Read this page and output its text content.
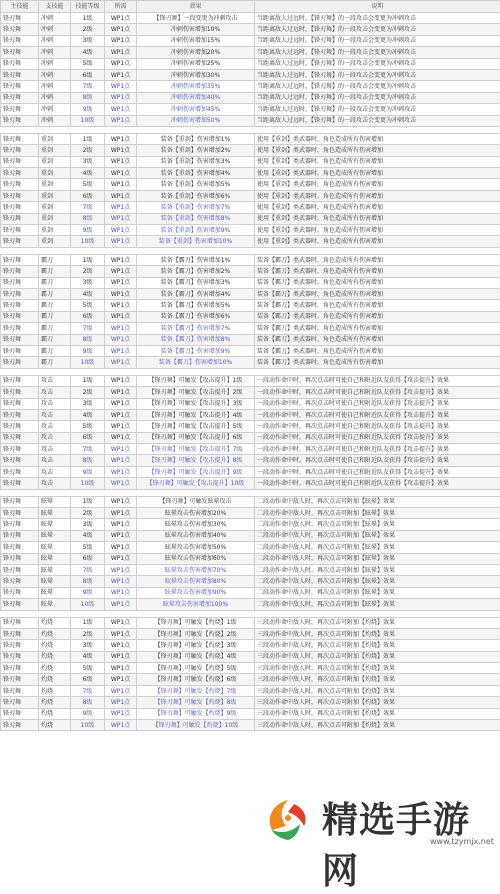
主技能	支技能	技能等级	所需	效果	说明
锋刃舞	冲刺	1级	WP1点	【锋刃舞】一段变更为冲刺攻击	当距离敌人过远时，【锋刃舞】的一段攻击会变更为冲刺攻击
锋刃舞	冲刺	2级	WP1点	冲刺伤害增加10%	当距离敌人过远时，【锋刃舞】的一段攻击会变更为冲刺攻击
锋刃舞	冲刺	3级	WP1点	冲刺伤害增加15%	当距离敌人过远时，【锋刃舞】的一段攻击会变更为冲刺攻击
锋刃舞	冲刺	4级	WP1点	冲刺伤害增加20%	当距离敌人过远时，【锋刃舞】的一段攻击会变更为冲刺攻击
锋刃舞	冲刺	5级	WP1点	冲刺伤害增加25%	当距离敌人过远时，【锋刃舞】的一段攻击会变更为冲刺攻击
锋刃舞	冲刺	6级	WP1点	冲刺伤害增加30%	当距离敌人过远时，【锋刃舞】的一段攻击会变更为冲刺攻击
锋刃舞	冲刺	7级	WP1点	冲刺伤害增加35%	当距离敌人过远时，【锋刃舞】的一段攻击会变更为冲刺攻击
锋刃舞	冲刺	8级	WP1点	冲刺伤害增加40%	当距离敌人过远时，【锋刃舞】的一段攻击会变更为冲刺攻击
锋刃舞	冲刺	9级	WP1点	冲刺伤害增加45%	当距离敌人过远时，【锋刃舞】的一段攻击会变更为冲刺攻击
锋刃舞	冲刺	10级	WP1点	冲刺伤害增加50%	当距离敌人过远时，【锋刃舞】的一段攻击会变更为冲刺攻击

锋刃舞	重剑	1级	WP1点	装备【重剑】伤害增加1%	使用【重剑】类武器时，角色造成所有伤害增加
锋刃舞	重剑	2级	WP1点	装备【重剑】伤害增加2%	使用【重剑】类武器时，角色造成所有伤害增加
锋刃舞	重剑	3级	WP1点	装备【重剑】伤害增加3%	使用【重剑】类武器时，角色造成所有伤害增加
锋刃舞	重剑	4级	WP1点	装备【重剑】伤害增加4%	使用【重剑】类武器时，角色造成所有伤害增加
锋刃舞	重剑	5级	WP1点	装备【重剑】伤害增加5%	使用【重剑】类武器时，角色造成所有伤害增加
锋刃舞	重剑	6级	WP1点	装备【重剑】伤害增加6%	使用【重剑】类武器时，角色造成所有伤害增加
锋刃舞	重剑	7级	WP1点	装备【重剑】伤害增加7%	使用【重剑】类武器时，角色造成所有伤害增加
锋刃舞	重剑	8级	WP1点	装备【重剑】伤害增加8%	使用【重剑】类武器时，角色造成所有伤害增加
锋刃舞	重剑	9级	WP1点	装备【重剑】伤害增加9%	使用【重剑】类武器时，角色造成所有伤害增加
锋刃舞	重剑	10级	WP1点	装备【重剑】伤害增加10%	使用【重剑】类武器时，角色造成所有伤害增加

锋刃舞	霸刀	1级	WP1点	装备【霸刀】伤害增加1%	装备【霸刀】类武器时，角色造成所有伤害增加
锋刃舞	霸刀	2级	WP1点	装备【霸刀】伤害增加2%	装备【霸刀】类武器时，角色造成所有伤害增加
锋刃舞	霸刀	3级	WP1点	装备【霸刀】伤害增加3%	装备【霸刀】类武器时，角色造成所有伤害增加
锋刃舞	霸刀	4级	WP1点	装备【霸刀】伤害增加4%	装备【霸刀】类武器时，角色造成所有伤害增加
锋刃舞	霸刀	5级	WP1点	装备【霸刀】伤害增加5%	装备【霸刀】类武器时，角色造成所有伤害增加
锋刃舞	霸刀	6级	WP1点	装备【霸刀】伤害增加6%	装备【霸刀】类武器时，角色造成所有伤害增加
锋刃舞	霸刀	7级	WP1点	装备【霸刀】伤害增加7%	装备【霸刀】类武器时，角色造成所有伤害增加
锋刃舞	霸刀	8级	WP1点	装备【霸刀】伤害增加8%	装备【霸刀】类武器时，角色造成所有伤害增加
锋刃舞	霸刀	9级	WP1点	装备【霸刀】伤害增加9%	装备【霸刀】类武器时，角色造成所有伤害增加
锋刃舞	霸刀	10级	WP1点	装备【霸刀】伤害增加10%	装备【霸刀】类武器时，角色造成所有伤害增加

锋刃舞	攻击	1级	WP1点	【锋刃舞】可触发【攻击提升】1级	一段动作命中时，再次点击时可使自己和附近队友获得【攻击提升】效果
锋刃舞	攻击	2级	WP1点	【锋刃舞】可触发【攻击提升】2级	一段动作命中时，再次点击时可使自己和附近队友获得【攻击提升】效果
锋刃舞	攻击	3级	WP1点	【锋刃舞】可触发【攻击提升】3级	一段动作命中时，再次点击时可使自己和附近队友获得【攻击提升】效果
锋刃舞	攻击	4级	WP1点	【锋刃舞】可触发【攻击提升】4级	一段动作命中时，再次点击时可使自己和附近队友获得【攻击提升】效果
锋刃舞	攻击	5级	WP1点	【锋刃舞】可触发【攻击提升】5级	一段动作命中时，再次点击时可使自己和附近队友获得【攻击提升】效果
锋刃舞	攻击	6级	WP1点	【锋刃舞】可触发【攻击提升】6级	一段动作命中时，再次点击时可使自己和附近队友获得【攻击提升】效果
锋刃舞	攻击	7级	WP1点	【锋刃舞】可触发【攻击提升】7级	一段动作命中时，再次点击时可使自己和附近队友获得【攻击提升】效果
锋刃舞	攻击	8级	WP1点	【锋刃舞】可触发【攻击提升】8级	一段动作命中时，再次点击时可使自己和附近队友获得【攻击提升】效果
锋刃舞	攻击	9级	WP1点	【锋刃舞】可触发【攻击提升】9级	一段动作命中时，再次点击时可使自己和附近队友获得【攻击提升】效果
锋刃舞	攻击	10级	WP1点	【锋刃舞】可触发【攻击提升】10级	一段动作命中时，再次点击时可使自己和附近队友获得【攻击提升】效果

锋刃舞	眩晕	1级	WP1点	【锋刃舞】可触发眩晕攻击	二段动作命中敌人时，再次点击可附加【眩晕】效果
锋刃舞	眩晕	2级	WP1点	眩晕攻击伤害增加20%	二段动作命中敌人时，再次点击可附加【眩晕】效果
锋刃舞	眩晕	3级	WP1点	眩晕攻击伤害增加30%	二段动作命中敌人时，再次点击可附加【眩晕】效果
锋刃舞	眩晕	4级	WP1点	眩晕攻击伤害增加40%	二段动作命中敌人时，再次点击可附加【眩晕】效果
锋刃舞	眩晕	5级	WP1点	眩晕攻击伤害增加50%	二段动作命中敌人时，再次点击可附加【眩晕】效果
锋刃舞	眩晕	6级	WP1点	眩晕攻击伤害增加60%	二段动作命中敌人时，再次点击可附加【眩晕】效果
锋刃舞	眩晕	7级	WP1点	眩晕攻击伤害增加70%	二段动作命中敌人时，再次点击可附加【眩晕】效果
锋刃舞	眩晕	8级	WP1点	眩晕攻击伤害增加80%	二段动作命中敌人时，再次点击可附加【眩晕】效果
锋刃舞	眩晕	9级	WP1点	眩晕攻击伤害增加90%	二段动作命中敌人时，再次点击可附加【眩晕】效果
锋刃舞	眩晕	10级	WP1点	眩晕攻击伤害增加100%	二段动作命中敌人时，再次点击可附加【眩晕】效果

锋刃舞	灼烧	1级	WP1点	【锋刃舞】可触发【灼烧】1级	三段动作命中敌人时，再次点击可附加【灼烧】效果
锋刃舞	灼烧	2级	WP1点	【锋刃舞】可触发【灼烧】2级	三段动作命中敌人时，再次点击可附加【灼烧】效果
锋刃舞	灼烧	3级	WP1点	【锋刃舞】可触发【灼烧】3级	三段动作命中敌人时，再次点击可附加【灼烧】效果
锋刃舞	灼烧	4级	WP1点	【锋刃舞】可触发【灼烧】4级	三段动作命中敌人时，再次点击可附加【灼烧】效果
锋刃舞	灼烧	5级	WP1点	【锋刃舞】可触发【灼烧】5级	三段动作命中敌人时，再次点击可附加【灼烧】效果
锋刃舞	灼烧	6级	WP1点	【锋刃舞】可触发【灼烧】6级	三段动作命中敌人时，再次点击可附加【灼烧】效果
锋刃舞	灼烧	7级	WP1点	【锋刃舞】可触发【灼烧】7级	三段动作命中敌人时，再次点击可附加【灼烧】效果
锋刃舞	灼烧	8级	WP1点	【锋刃舞】可触发【灼烧】8级	三段动作命中敌人时，再次点击可附加【灼烧】效果
锋刃舞	灼烧	9级	WP1点	【锋刃舞】可触发【灼烧】9级	三段动作命中敌人时，再次点击可附加【灼烧】效果
锋刃舞	灼烧	10级	WP1点	【锋刃舞】可触发【灼烧】10级	三段动作命中敌人时，再次点击可附加【灼烧】效果
精选手游网
www.tzymjx.net
